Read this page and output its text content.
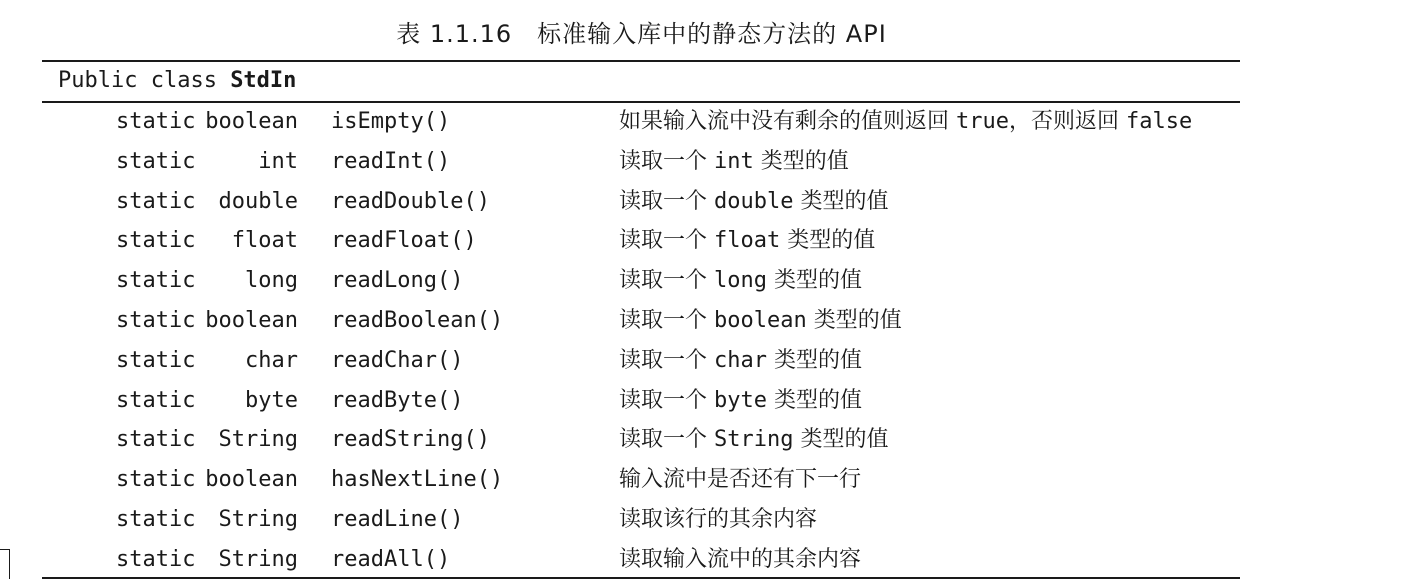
表 1.1.16　标准输入库中的静态方法的 API
Public class StdIn
static boolean isEmpty()	如果输入流中没有剩余的值则返回 true，否则返回 false
static	int readInt()	读取一个 int 类型的值
static	double readDouble()	读取一个 double 类型的值
static	float readFloat()	读取一个 float 类型的值
static	long readLong()	读取一个 long 类型的值
static boolean readBoolean()	读取一个 boolean 类型的值
static	char readChar()	读取一个 char 类型的值
static	byte readByte()	读取一个 byte 类型的值
static	String readString()	读取一个 String 类型的值
static boolean hasNextLine()	输入流中是否还有下一行
static	String readLine()	读取该行的其余内容
static	String readAll()	读取输入流中的其余内容
